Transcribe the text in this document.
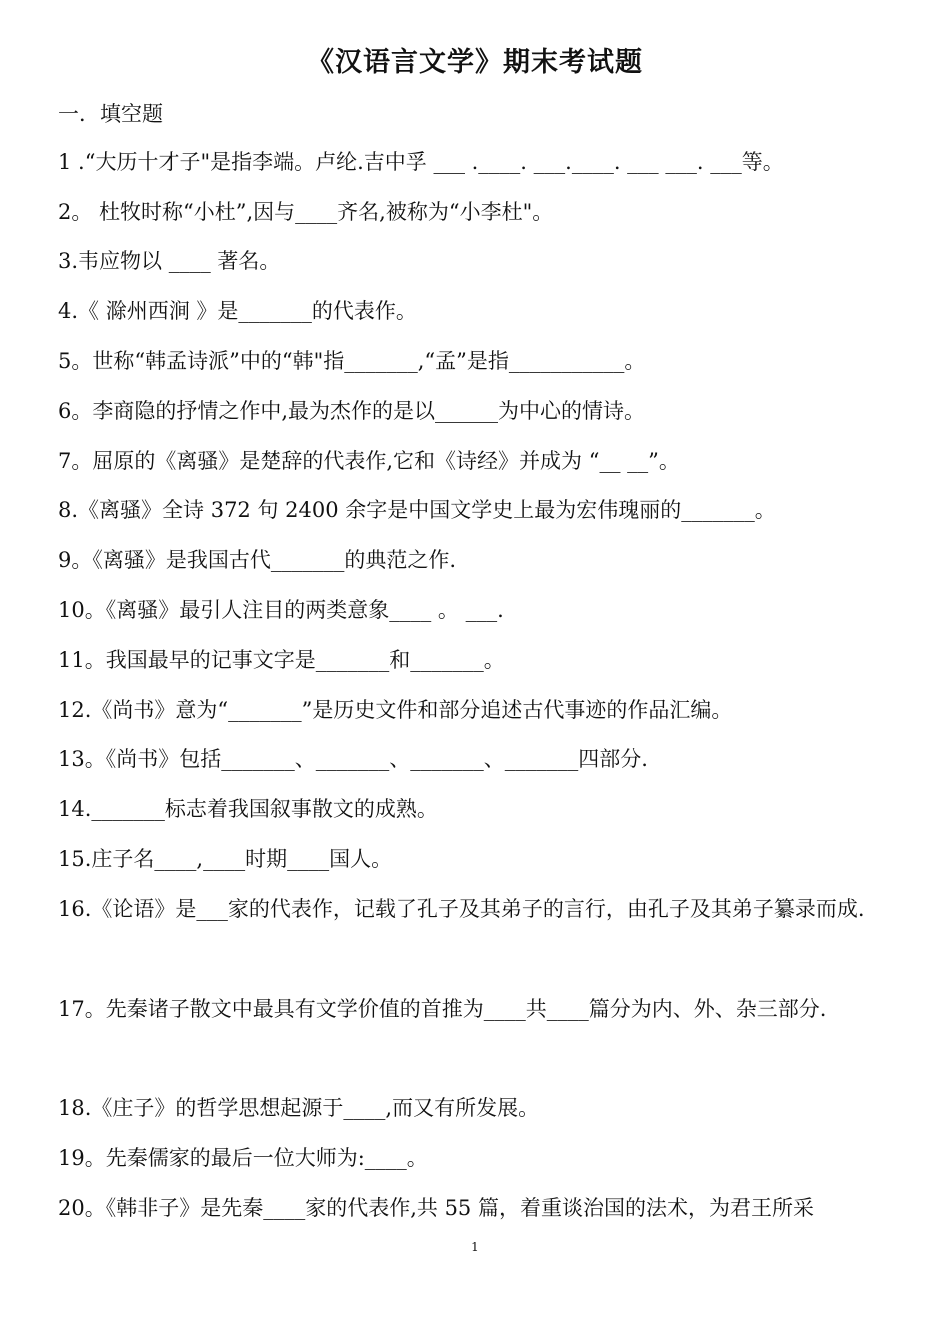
《汉语言文学》期末考试题
一．填空题
1 .“大历十才子"是指李端。卢纶.吉中孚 ___ .____. ___.____. ___ ___. ___等。
2。 杜牧时称“小杜”,因与____齐名,被称为“小李杜"。
3.韦应物以 ____ 著名。
4.《 滁州西涧 》是_______的代表作。
5。世称“韩孟诗派”中的“韩"指_______,“孟”是指___________。
6。李商隐的抒情之作中,最为杰作的是以______为中心的情诗。
7。屈原的《离骚》是楚辞的代表作,它和《诗经》并成为 “__ __”。
8.《离骚》全诗 372 句 2400 余字是中国文学史上最为宏伟瑰丽的_______。
9。《离骚》是我国古代_______的典范之作.
10。《离骚》最引人注目的两类意象____ 。 ___.
11。我国最早的记事文字是_______和_______。
12.《尚书》意为“_______”是历史文件和部分追述古代事迹的作品汇编。
13。《尚书》包括_______、_______、_______、_______四部分.
14._______标志着我国叙事散文的成熟。
15.庄子名____,____时期____国人。
16.《论语》是___家的代表作，记载了孔子及其弟子的言行，由孔子及其弟子纂录而成.
17。先秦诸子散文中最具有文学价值的首推为____共____篇分为内、外、杂三部分.
18.《庄子》的哲学思想起源于____,而又有所发展。
19。先秦儒家的最后一位大师为:____。
20。《韩非子》是先秦____家的代表作,共 55 篇，着重谈治国的法术，为君王所采
1
